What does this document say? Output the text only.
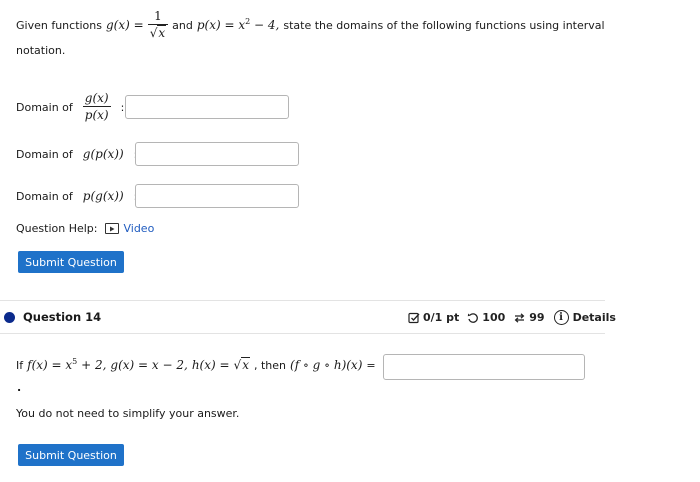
Given functions $g(x) = \frac{1}{√x}$ and $p(x) = x^2 - 4$, state the domains of the following functions using interval
notation.
Domain of $\frac{g(x)}{p(x)}$ :
Domain of g(p(x))
Domain of p(g(x))
Question Help: Video
Submit Question
Question 14	0/1 pt 100 99	i Details
If $f(x) = x^5 + 2$, g(x) = x − 2, h(x) = √x , then (f ∘ g ∘ h)(x) =
.
You do not need to simplify your answer.
Submit Question
